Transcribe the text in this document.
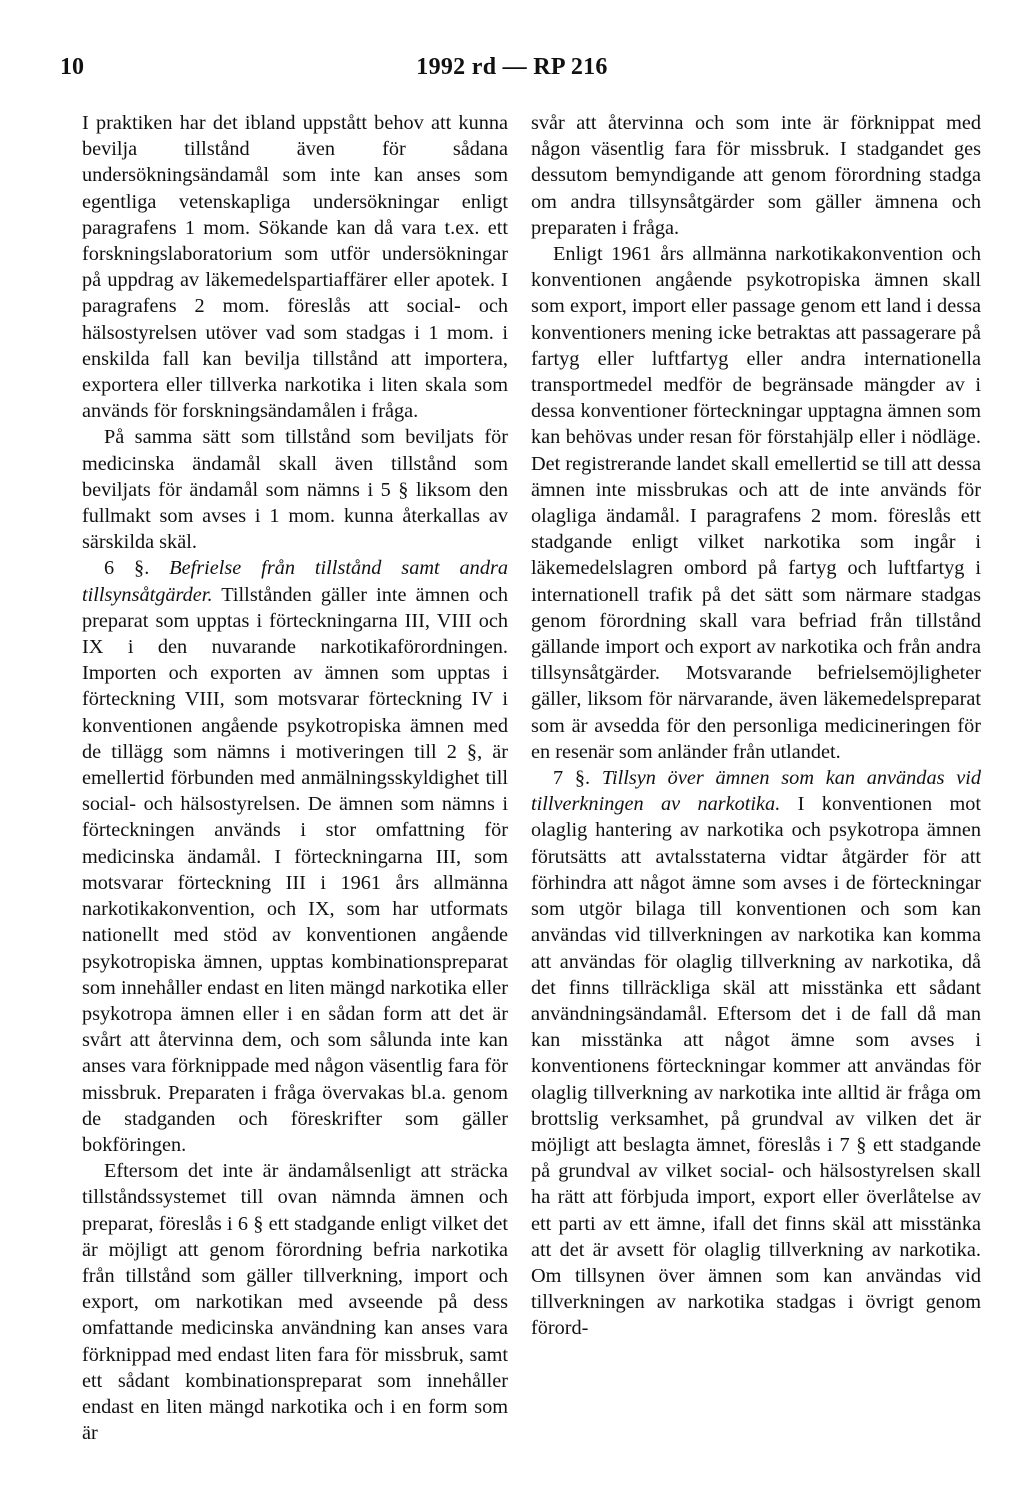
10	1992 rd — RP 216

I praktiken har det ibland uppstått behov att kunna bevilja tillstånd även för sådana undersökningsändamål som inte kan anses som egentliga vetenskapliga undersökningar enligt paragrafens 1 mom. Sökande kan då vara t.ex. ett forskningslaboratorium som utför undersökningar på uppdrag av läkemedelspartiaffärer eller apotek. I paragrafens 2 mom. föreslås att social- och hälsostyrelsen utöver vad som stadgas i 1 mom. i enskilda fall kan bevilja tillstånd att importera, exportera eller tillverka narkotika i liten skala som används för forskningsändamålen i fråga.

På samma sätt som tillstånd som beviljats för medicinska ändamål skall även tillstånd som beviljats för ändamål som nämns i 5 § liksom den fullmakt som avses i 1 mom. kunna återkallas av särskilda skäl.

6 §. Befrielse från tillstånd samt andra tillsynsåtgärder. Tillstånden gäller inte ämnen och preparat som upptas i förteckningarna III, VIII och IX i den nuvarande narkotikaförordningen. Importen och exporten av ämnen som upptas i förteckning VIII, som motsvarar förteckning IV i konventionen angående psykotropiska ämnen med de tillägg som nämns i motiveringen till 2 §, är emellertid förbunden med anmälningsskyldighet till social- och hälsostyrelsen. De ämnen som nämns i förteckningen används i stor omfattning för medicinska ändamål. I förteckningarna III, som motsvarar förteckning III i 1961 års allmänna narkotikakonvention, och IX, som har utformats nationellt med stöd av konventionen angående psykotropiska ämnen, upptas kombinationspreparat som innehåller endast en liten mängd narkotika eller psykotropa ämnen eller i en sådan form att det är svårt att återvinna dem, och som sålunda inte kan anses vara förknippade med någon väsentlig fara för missbruk. Preparaten i fråga övervakas bl.a. genom de stadganden och föreskrifter som gäller bokföringen.

Eftersom det inte är ändamålsenligt att sträcka tillståndssystemet till ovan nämnda ämnen och preparat, föreslås i 6 § ett stadgande enligt vilket det är möjligt att genom förordning befria narkotika från tillstånd som gäller tillverkning, import och export, om narkotikan med avseende på dess omfattande medicinska användning kan anses vara förknippad med endast liten fara för missbruk, samt ett sådant kombinationspreparat som innehåller endast en liten mängd narkotika och i en form som är

svår att återvinna och som inte är förknippat med någon väsentlig fara för missbruk. I stadgandet ges dessutom bemyndigande att genom förordning stadga om andra tillsynsåtgärder som gäller ämnena och preparaten i fråga.

Enligt 1961 års allmänna narkotikakonvention och konventionen angående psykotropiska ämnen skall som export, import eller passage genom ett land i dessa konventioners mening icke betraktas att passagerare på fartyg eller luftfartyg eller andra internationella transportmedel medför de begränsade mängder av i dessa konventioner förteckningar upptagna ämnen som kan behövas under resan för förstahjälp eller i nödläge. Det registrerande landet skall emellertid se till att dessa ämnen inte missbrukas och att de inte används för olagliga ändamål. I paragrafens 2 mom. föreslås ett stadgande enligt vilket narkotika som ingår i läkemedelslagren ombord på fartyg och luftfartyg i internationell trafik på det sätt som närmare stadgas genom förordning skall vara befriad från tillstånd gällande import och export av narkotika och från andra tillsynsåtgärder. Motsvarande befrielsemöjligheter gäller, liksom för närvarande, även läkemedelspreparat som är avsedda för den personliga medicineringen för en resenär som anländer från utlandet.

7 §. Tillsyn över ämnen som kan användas vid tillverkningen av narkotika. I konventionen mot olaglig hantering av narkotika och psykotropa ämnen förutsätts att avtalsstaterna vidtar åtgärder för att förhindra att något ämne som avses i de förteckningar som utgör bilaga till konventionen och som kan användas vid tillverkningen av narkotika kan komma att användas för olaglig tillverkning av narkotika, då det finns tillräckliga skäl att misstänka ett sådant användningsändamål. Eftersom det i de fall då man kan misstänka att något ämne som avses i konventionens förteckningar kommer att användas för olaglig tillverkning av narkotika inte alltid är fråga om brottslig verksamhet, på grundval av vilken det är möjligt att beslagta ämnet, föreslås i 7 § ett stadgande på grundval av vilket social- och hälsostyrelsen skall ha rätt att förbjuda import, export eller överlåtelse av ett parti av ett ämne, ifall det finns skäl att misstänka att det är avsett för olaglig tillverkning av narkotika. Om tillsynen över ämnen som kan användas vid tillverkningen av narkotika stadgas i övrigt genom förord-
